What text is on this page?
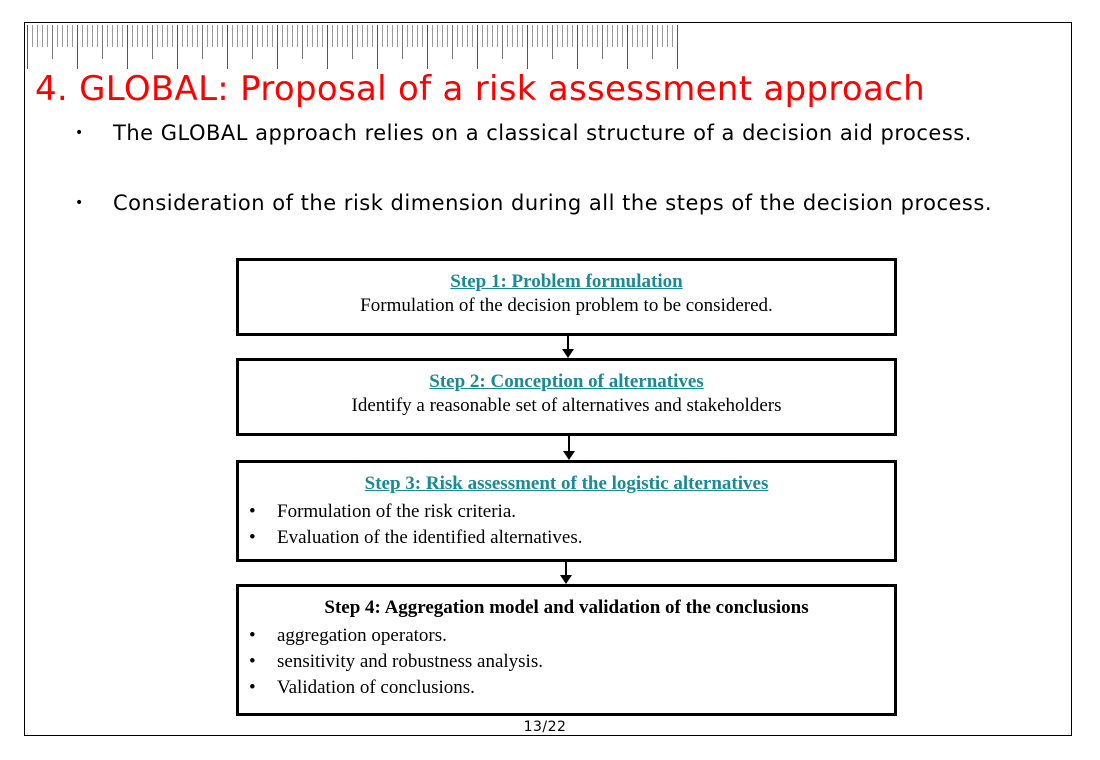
4. GLOBAL: Proposal of a risk assessment approach
• The GLOBAL approach relies on a classical structure of a decision aid process.
• Consideration of the risk dimension during all the steps of the decision process.
Step 1: Problem formulation
Formulation of the decision problem to be considered.
Step 2: Conception of alternatives
Identify a reasonable set of alternatives and stakeholders
Step 3: Risk assessment of the logistic alternatives
• Formulation of the risk criteria.
• Evaluation of the identified alternatives.
Step 4: Aggregation model and validation of the conclusions
• aggregation operators.
• sensitivity and robustness analysis.
• Validation of conclusions.
13/22
